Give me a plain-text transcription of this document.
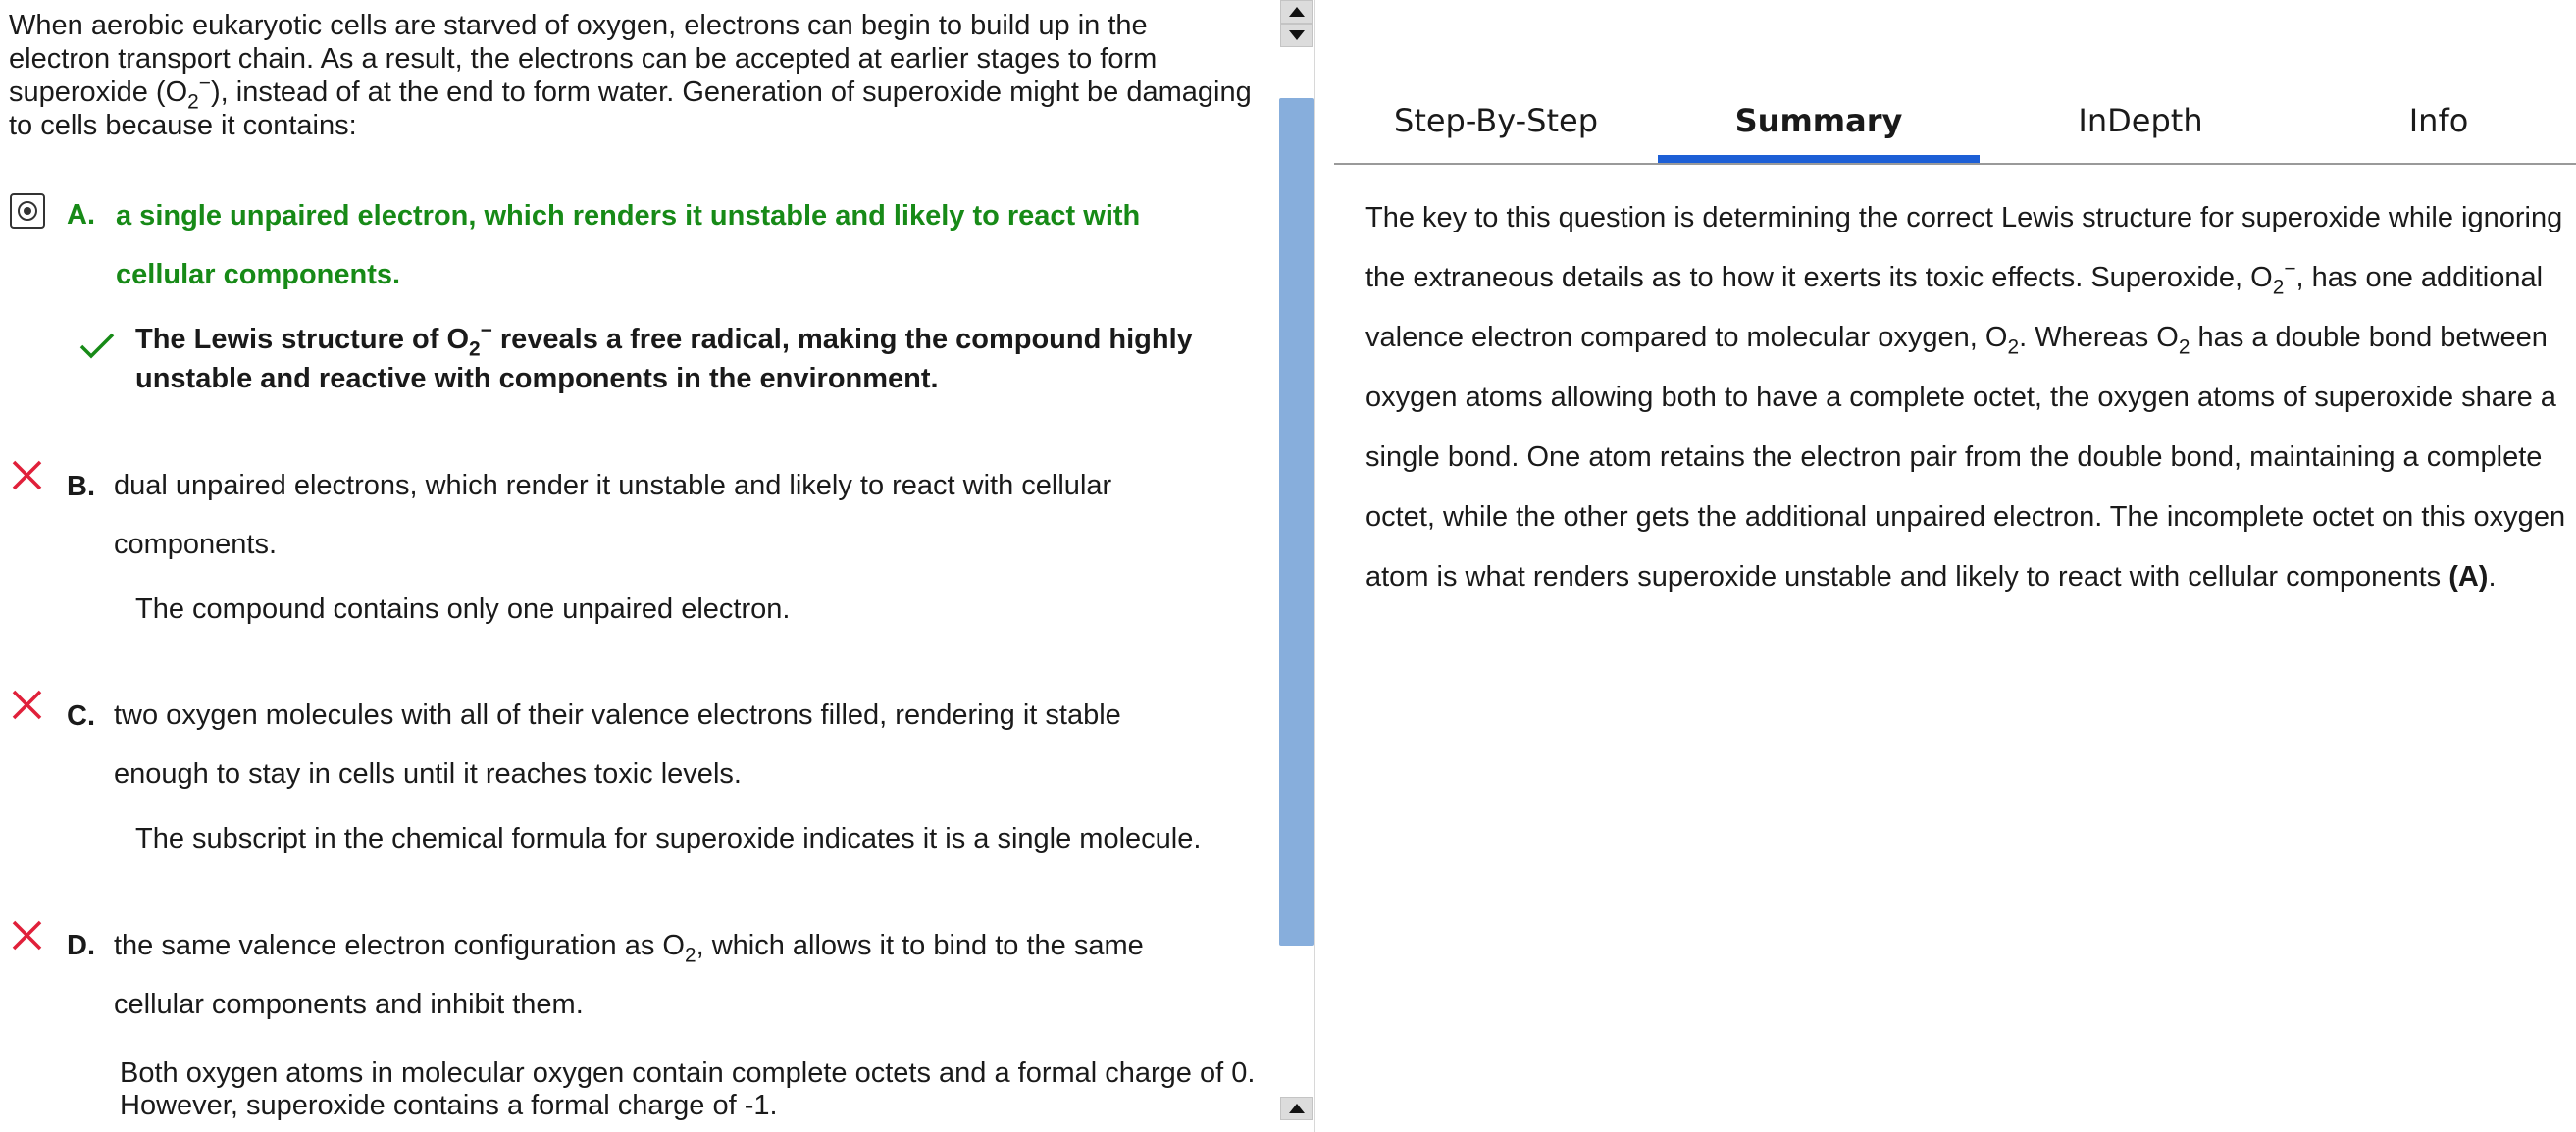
When aerobic eukaryotic cells are starved of oxygen, electrons can begin to build up in the electron transport chain. As a result, the electrons can be accepted at earlier stages to form superoxide $(O_2^-)$, instead of at the end to form water. Generation of superoxide might be damaging to cells because it contains:
A. a single unpaired electron, which renders it unstable and likely to react with cellular components.
The Lewis structure of $O_2^-$ reveals a free radical, making the compound highly unstable and reactive with components in the environment.
B. dual unpaired electrons, which render it unstable and likely to react with cellular components.
The compound contains only one unpaired electron.
C. two oxygen molecules with all of their valence electrons filled, rendering it stable enough to stay in cells until it reaches toxic levels.
The subscript in the chemical formula for superoxide indicates it is a single molecule.
D. the same valence electron configuration as $O_2$, which allows it to bind to the same cellular components and inhibit them.
Both oxygen atoms in molecular oxygen contain complete octets and a formal charge of 0. However, superoxide contains a formal charge of -1.
Step-By-Step	Summary	InDepth	Info
The key to this question is determining the correct Lewis structure for superoxide while ignoring the extraneous details as to how it exerts its toxic effects. Superoxide, $O_2^-$, has one additional valence electron compared to molecular oxygen, $O_2$. Whereas $O_2$ has a double bond between oxygen atoms allowing both to have a complete octet, the oxygen atoms of superoxide share a single bond. One atom retains the electron pair from the double bond, maintaining a complete octet, while the other gets the additional unpaired electron. The incomplete octet on this oxygen atom is what renders superoxide unstable and likely to react with cellular components (A).
